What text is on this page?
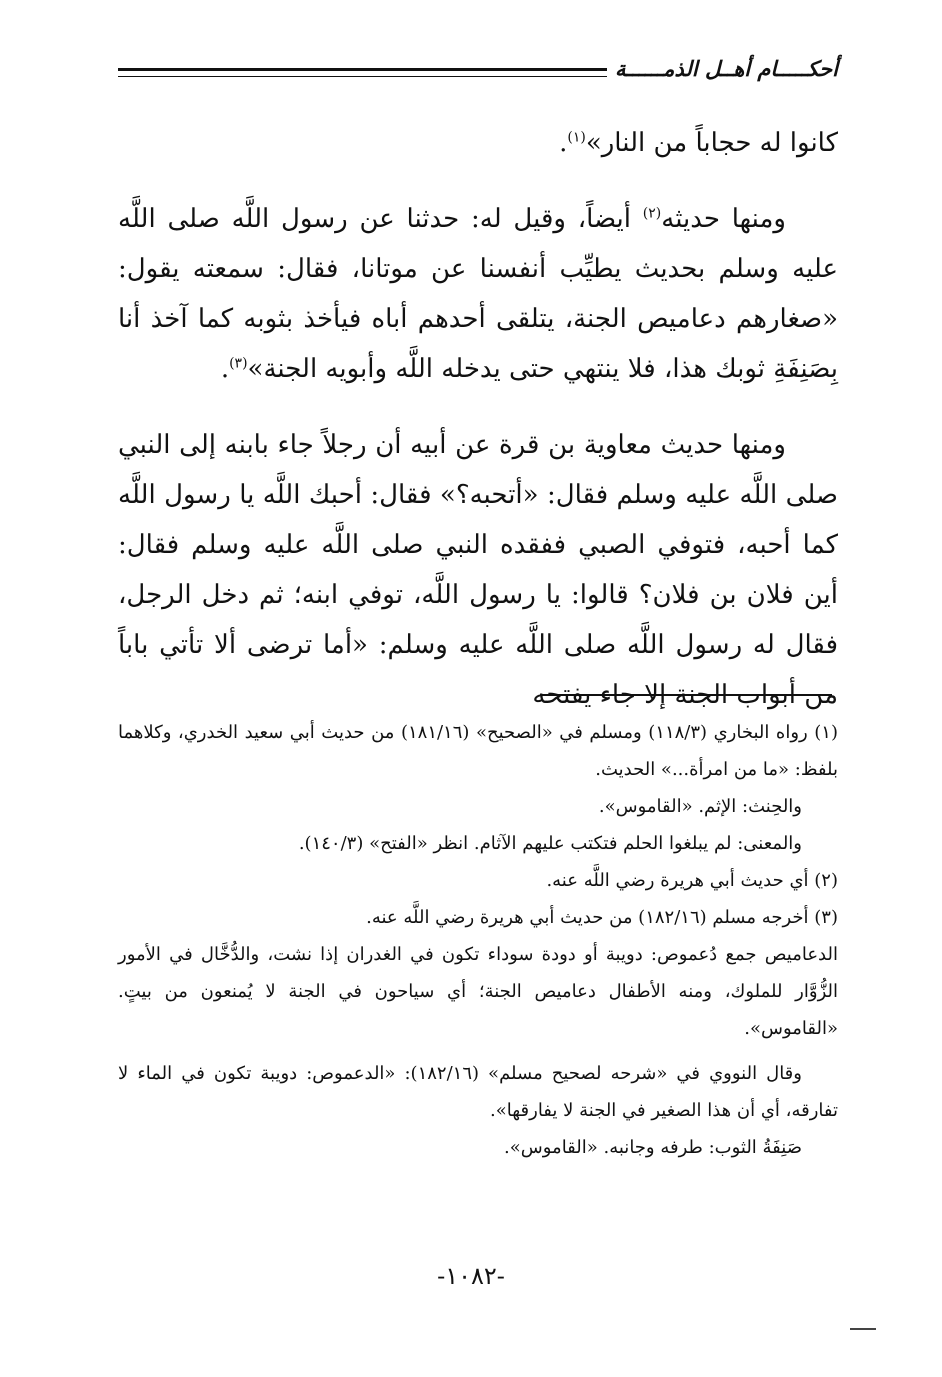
أحكـــــام أهــل الذمــــــة

كانوا له حجاباً من النار»$^{(١)}$.

ومنها حديثه$^{(٢)}$ أيضاً، وقيل له: حدثنا عن رسول اللَّه صلى اللَّه عليه وسلم بحديث يطيِّب أنفسنا عن موتانا، فقال: سمعته يقول: «صغارهم دعاميص الجنة، يتلقى أحدهم أباه فيأخذ بثوبه كما آخذ أنا بِصَنِفَةِ ثوبك هذا، فلا ينتهي حتى يدخله اللَّه وأبويه الجنة»$^{(٣)}$.

ومنها حديث معاوية بن قرة عن أبيه أن رجلاً جاء بابنه إلى النبي صلى اللَّه عليه وسلم فقال: «أتحبه؟» فقال: أحبك اللَّه يا رسول اللَّه كما أحبه، فتوفي الصبي ففقده النبي صلى اللَّه عليه وسلم فقال: أين فلان بن فلان؟ قالوا: يا رسول اللَّه، توفي ابنه؛ ثم دخل الرجل، فقال له رسول اللَّه صلى اللَّه عليه وسلم: «أما ترضى ألا تأتي باباً من أبواب الجنة إلا جاء يفتحه

(١) رواه البخاري (١١٨/٣) ومسلم في «الصحيح» (١٨١/١٦) من حديث أبي سعيد الخدري، وكلاهما بلفظ: «ما من امرأة...» الحديث.

والحِنث: الإثم. «القاموس».

والمعنى: لم يبلغوا الحلم فتكتب عليهم الآثام. انظر «الفتح» (١٤٠/٣).

(٢) أي حديث أبي هريرة رضي اللَّه عنه.

(٣) أخرجه مسلم (١٨٢/١٦) من حديث أبي هريرة رضي اللَّه عنه.

الدعاميص جمع دُعموص: دويبة أو دودة سوداء تكون في الغدران إذا نشت، والدُّخَّال في الأمور الزُّوَّار للملوك، ومنه الأطفال دعاميص الجنة؛ أي سياحون في الجنة لا يُمنعون من بيتٍ. «القاموس».

وقال النووي في «شرحه لصحيح مسلم» (١٨٢/١٦): «الدعموص: دويبة تكون في الماء لا تفارقه، أي أن هذا الصغير في الجنة لا يفارقها».

صَنِفَةُ الثوب: طرفه وجانبه. «القاموس».

-١٠٨٢-
